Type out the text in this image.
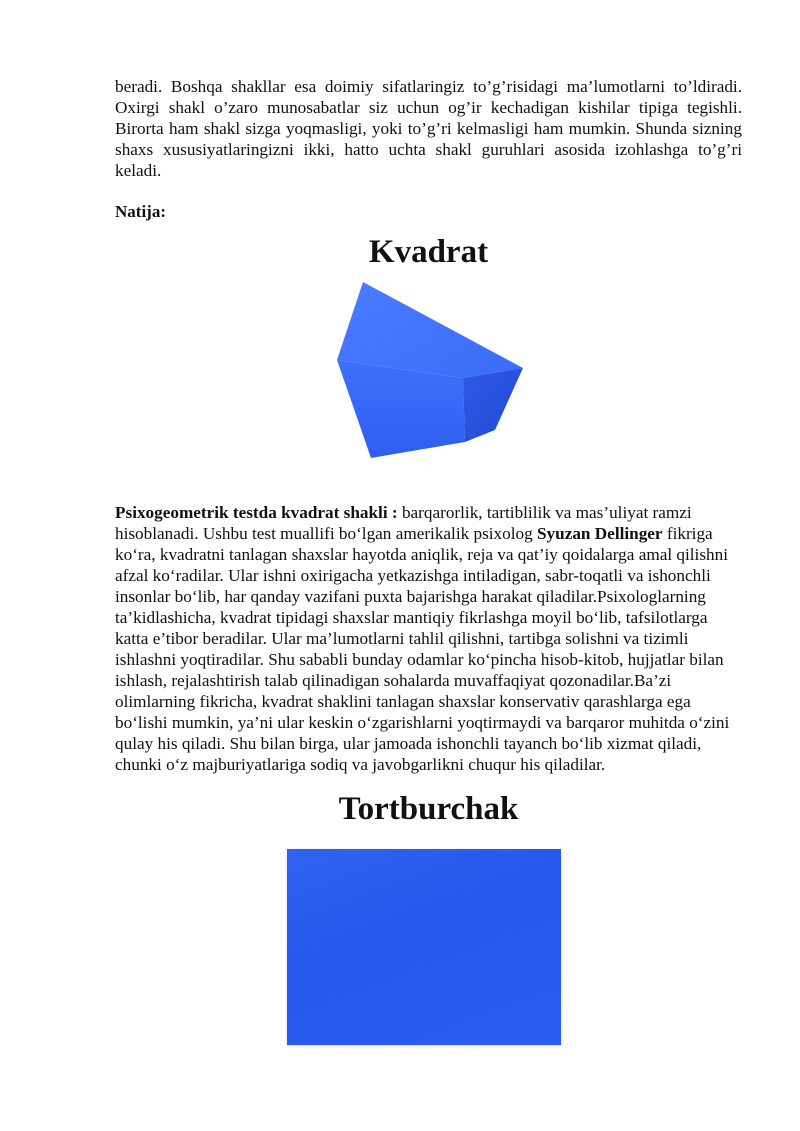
beradi. Boshqa shakllar esa doimiy sifatlaringiz to’g’risidagi ma’lumotlarni to’ldiradi. Oxirgi shakl o’zaro munosabatlar siz uchun og’ir kechadigan kishilar tipiga tegishli. Birorta ham shakl sizga yoqmasligi, yoki to’g’ri kelmasligi ham mumkin. Shunda sizning shaxs xususiyatlaringizni ikki, hatto uchta shakl guruhlari asosida izohlashga to’g’ri keladi.

Natija:

Kvadrat

Psixogeometrik testda kvadrat shakli : barqarorlik, tartiblilik va mas’uliyat ramzi hisoblanadi. Ushbu test muallifi bo‘lgan amerikalik psixolog Syuzan Dellinger fikriga ko‘ra, kvadratni tanlagan shaxslar hayotda aniqlik, reja va qat’iy qoidalarga amal qilishni afzal ko‘radilar. Ular ishni oxirigacha yetkazishga intiladigan, sabr-toqatli va ishonchli insonlar bo‘lib, har qanday vazifani puxta bajarishga harakat qiladilar.Psixologlarning ta’kidlashicha, kvadrat tipidagi shaxslar mantiqiy fikrlashga moyil bo‘lib, tafsilotlarga katta e’tibor beradilar. Ular ma’lumotlarni tahlil qilishni, tartibga solishni va tizimli ishlashni yoqtiradilar. Shu sababli bunday odamlar ko‘pincha hisob-kitob, hujjatlar bilan ishlash, rejalashtirish talab qilinadigan sohalarda muvaffaqiyat qozonadilar.Ba’zi olimlarning fikricha, kvadrat shaklini tanlagan shaxslar konservativ qarashlarga ega bo‘lishi mumkin, ya’ni ular keskin o‘zgarishlarni yoqtirmaydi va barqaror muhitda o‘zini qulay his qiladi. Shu bilan birga, ular jamoada ishonchli tayanch bo‘lib xizmat qiladi, chunki o‘z majburiyatlariga sodiq va javobgarlikni chuqur his qiladilar.

Tortburchak
